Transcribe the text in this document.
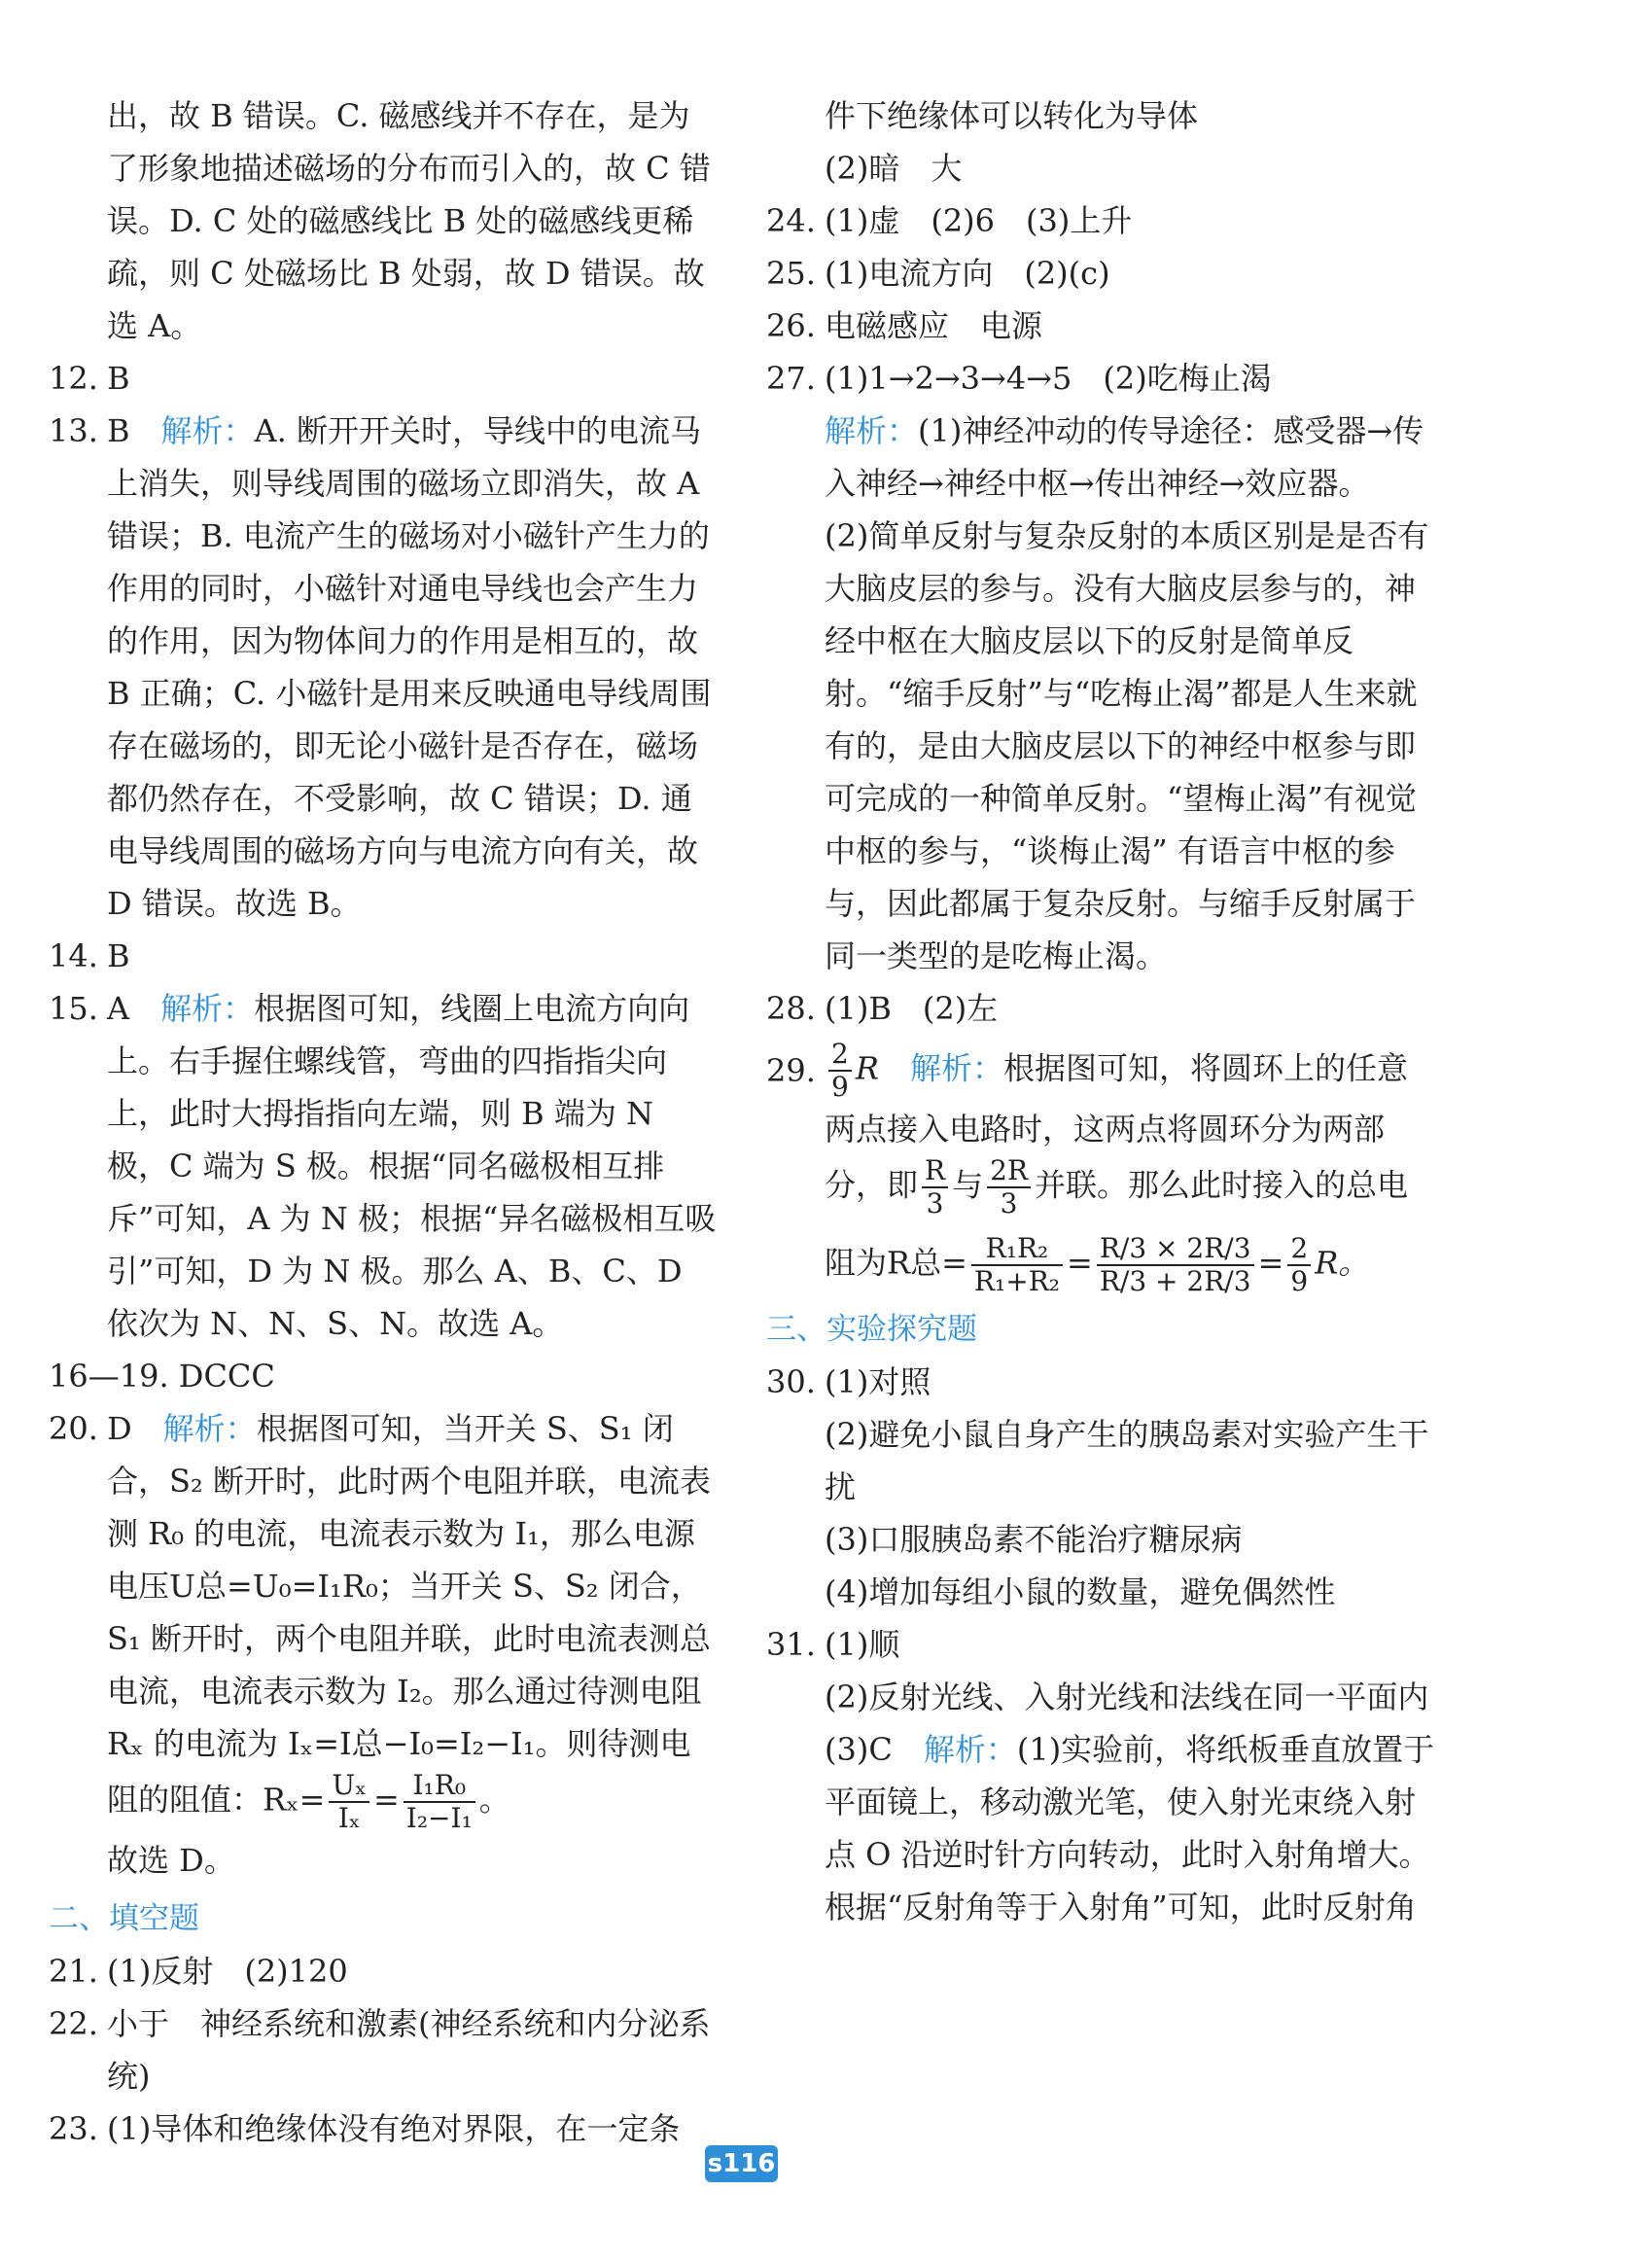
出，故 B 错误。C. 磁感线并不存在，是为了形象地描述磁场的分布而引入的，故 C 错误。D. C 处的磁感线比 B 处的磁感线更稀疏，则 C 处磁场比 B 处弱，故 D 错误。故选 A。

12. B

13. B　 解析：A. 断开开关时，导线中的电流马上消失，则导线周围的磁场立即消失，故 A 错误；B. 电流产生的磁场对小磁针产生力的作用的同时，小磁针对通电导线也会产生力的作用，因为物体间力的作用是相互的，故 B 正确；C. 小磁针是用来反映通电导线周围存在磁场的，即无论小磁针是否存在，磁场都仍然存在，不受影响，故 C 错误；D. 通电导线周围的磁场方向与电流方向有关，故 D 错误。故选 B。

14. B

15. A　 解析：根据图可知，线圈上电流方向向上。右手握住螺线管，弯曲的四指指尖向上，此时大拇指指向左端，则 B 端为 N 极，C 端为 S 极。根据“同名磁极相互排斥”可知，A 为 N 极；根据“异名磁极相互吸引”可知，D 为 N 极。那么 A、B、C、D 依次为 N、N、S、N。故选 A。

16—19. DCCC

20. D　 解析：根据图可知，当开关 S、S₁ 闭合，S₂ 断开时，此时两个电阻并联，电流表测 R₀ 的电流，电流表示数为 I₁，那么电源电压U总=U₀=I₁R₀；当开关 S、S₂ 闭合，S₁ 断开时，两个电阻并联，此时电流表测总电流，电流表示数为 I₂。那么通过待测电阻Rₓ 的电流为 Iₓ=I总−I₀=I₂−I₁。则待测电阻的阻值：$R_x= \frac{\text{Uₓ}}{\text{Iₓ}} = \frac{\text{I₁R₀}}{\text{I₂−I₁}}$ 。
故选 D。

二、填空题

21. (1)反射　(2)120

22. 小于　神经系统和激素(神经系统和内分泌系统)

23. (1)导体和绝缘体没有绝对界限，在一定条

件下绝缘体可以转化为导体

(2)暗　大

24. (1)虚　(2)6　(3)上升

25. (1)电流方向　(2)(c)

26. 电磁感应　电源

27. (1)1→2→3→4→5　(2)吃梅止渴
解析：(1)神经冲动的传导途径：感受器→传入神经→神经中枢→传出神经→效应器。
(2)简单反射与复杂反射的本质区别是是否有大脑皮层的参与。没有大脑皮层参与的，神经中枢在大脑皮层以下的反射是简单反射。“缩手反射”与“吃梅止渴”都是人生来就有的，是由大脑皮层以下的神经中枢参与即可完成的一种简单反射。“望梅止渴”有视觉中枢的参与，“谈梅止渴” 有语言中枢的参与，因此都属于复杂反射。与缩手反射属于同一类型的是吃梅止渴。

28. (1)B　(2)左

29. $\frac{2}{9}$ R　 解析：根据图可知，将圆环上的任意两点接入电路时，这两点将圆环分为两部分，即 $\frac{R}{3}$ 与 $\frac{2R}{3}$ 并联。那么此时接入的总电
阻为R总= $\frac{\text{R₁R₂}}{\text{R₁+R₂}} = \frac{R/3 \times 2R/3}{R/3 + 2R/3} = \frac{2}{9}$ R。

三、实验探究题

30. (1)对照
(2)避免小鼠自身产生的胰岛素对实验产生干扰
(3)口服胰岛素不能治疗糖尿病
(4)增加每组小鼠的数量，避免偶然性

31. (1)顺
(2)反射光线、入射光线和法线在同一平面内
(3)C　 解析：(1)实验前，将纸板垂直放置于平面镜上，移动激光笔，使入射光束绕入射点 O 沿逆时针方向转动，此时入射角增大。根据“反射角等于入射角”可知，此时反射角

s116
